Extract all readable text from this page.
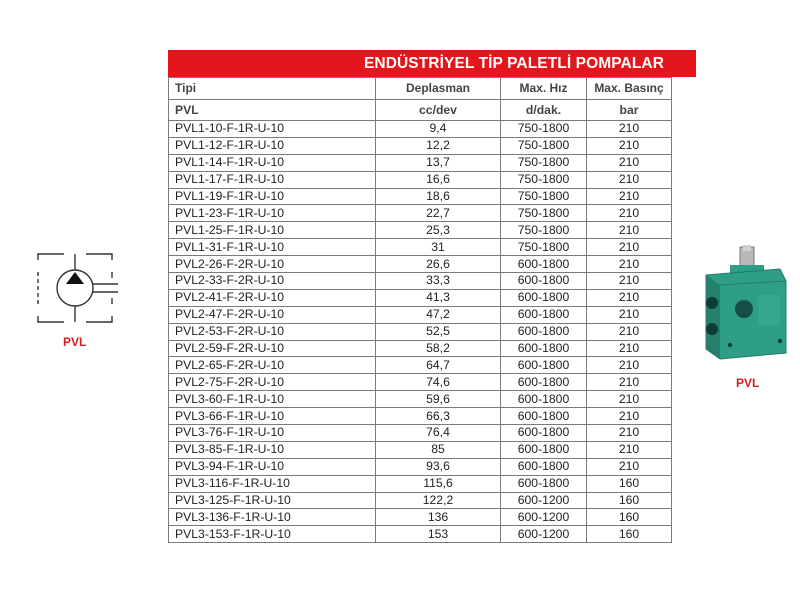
ENDÜSTRİYEL TİP PALETLİ POMPALAR
Tipi	Deplasman	Max. Hız	Max. Basınç
PVL	cc/dev	d/dak.	bar
PVL1-10-F-1R-U-10	9,4	750-1800	210
PVL1-12-F-1R-U-10	12,2	750-1800	210
PVL1-14-F-1R-U-10	13,7	750-1800	210
PVL1-17-F-1R-U-10	16,6	750-1800	210
PVL1-19-F-1R-U-10	18,6	750-1800	210
PVL1-23-F-1R-U-10	22,7	750-1800	210
PVL1-25-F-1R-U-10	25,3	750-1800	210
PVL1-31-F-1R-U-10	31	750-1800	210
PVL2-26-F-2R-U-10	26,6	600-1800	210
PVL2-33-F-2R-U-10	33,3	600-1800	210
PVL2-41-F-2R-U-10	41,3	600-1800	210
PVL2-47-F-2R-U-10	47,2	600-1800	210
PVL2-53-F-2R-U-10	52,5	600-1800	210
PVL2-59-F-2R-U-10	58,2	600-1800	210
PVL2-65-F-2R-U-10	64,7	600-1800	210
PVL2-75-F-2R-U-10	74,6	600-1800	210
PVL3-60-F-1R-U-10	59,6	600-1800	210
PVL3-66-F-1R-U-10	66,3	600-1800	210
PVL3-76-F-1R-U-10	76,4	600-1800	210
PVL3-85-F-1R-U-10	85	600-1800	210
PVL3-94-F-1R-U-10	93,6	600-1800	210
PVL3-116-F-1R-U-10	115,6	600-1800	160
PVL3-125-F-1R-U-10	122,2	600-1200	160
PVL3-136-F-1R-U-10	136	600-1200	160
PVL3-153-F-1R-U-10	153	600-1200	160
PVL
PVL
